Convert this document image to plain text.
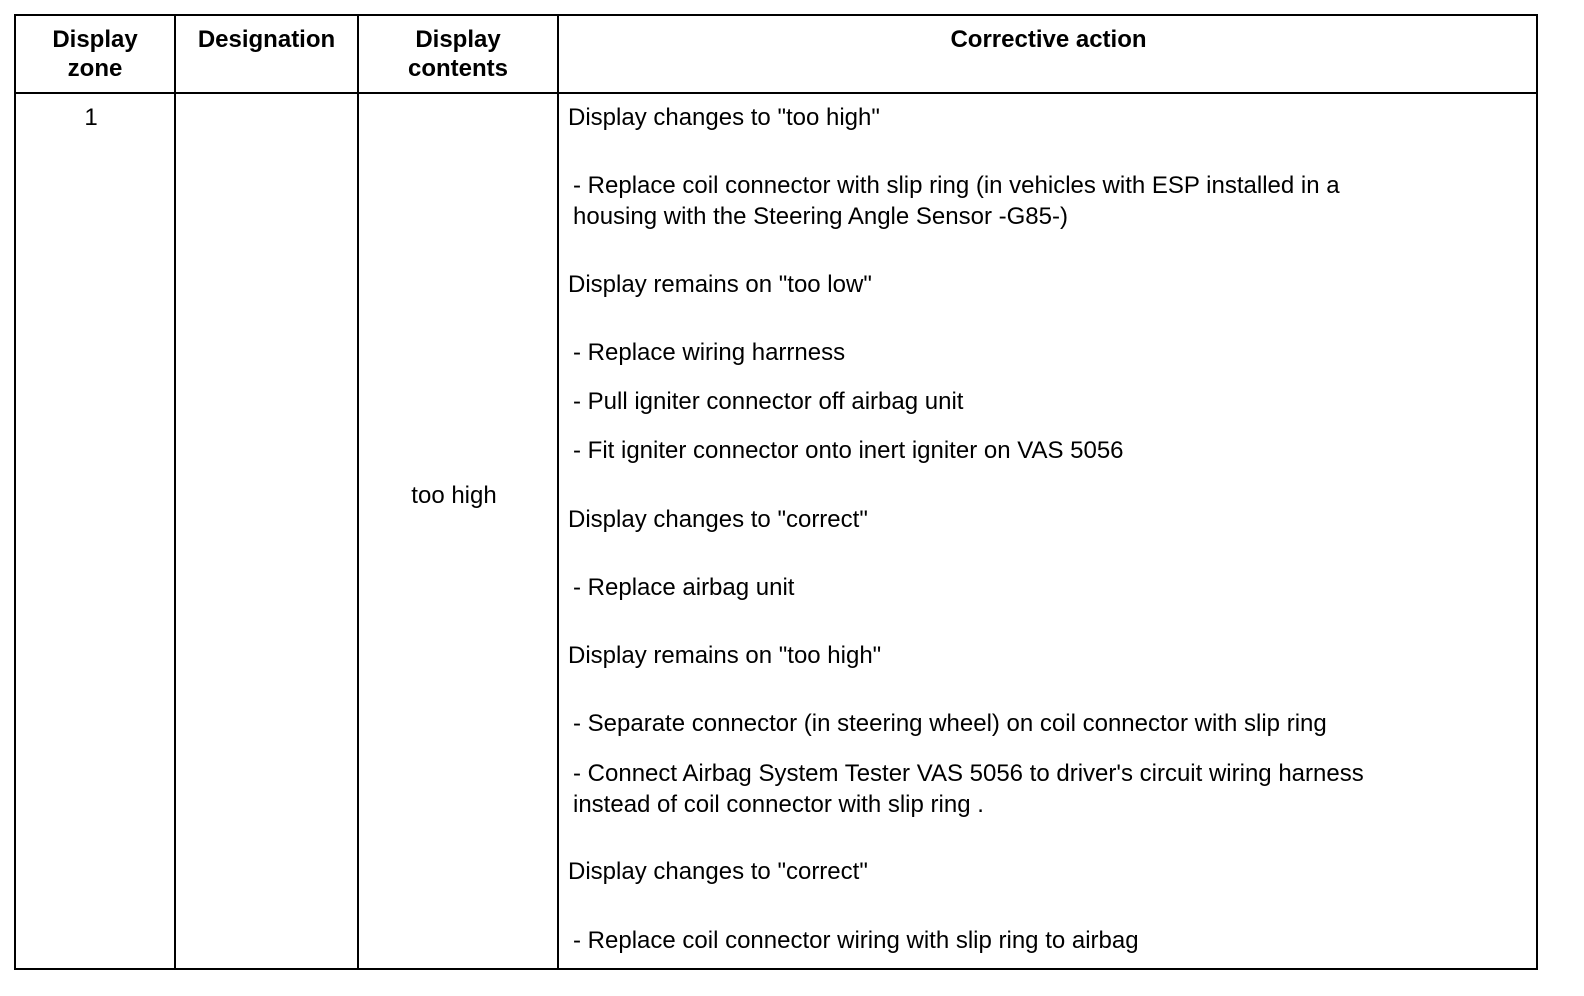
Display
zone
Designation	Display
contents
Corrective action
1
too high
Display changes to "too high"
- Replace coil connector with slip ring (in vehicles with ESP installed in a
housing with the Steering Angle Sensor -G85-)
Display remains on "too low"
- Replace wiring harrness
- Pull igniter connector off airbag unit
- Fit igniter connector onto inert igniter on VAS 5056
Display changes to "correct"
- Replace airbag unit
Display remains on "too high"
- Separate connector (in steering wheel) on coil connector with slip ring
- Connect Airbag System Tester VAS 5056 to driver's circuit wiring harness
instead of coil connector with slip ring .
Display changes to "correct"
- Replace coil connector wiring with slip ring to airbag
